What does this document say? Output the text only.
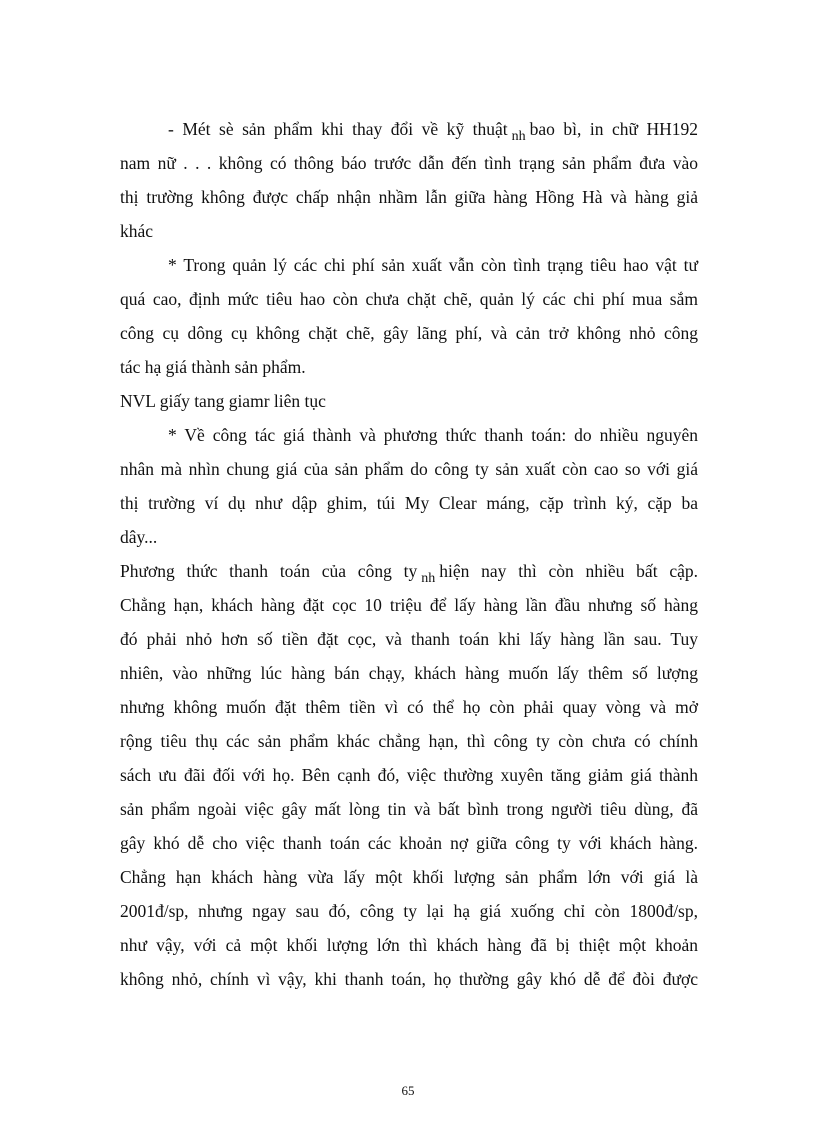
- Mét sè sản phẩm khi thay đổi về kỹ thuật $_{nh}$ bao bì, in chữ HH192
nam nữ . . . không có thông báo trước dẫn đến tình trạng sản phẩm đưa vào
thị trường không được chấp nhận nhầm lẫn giữa hàng Hồng Hà và hàng giả
khác
* Trong quản lý các chi phí sản xuất vẫn còn tình trạng tiêu hao vật tư
quá cao, định mức tiêu hao còn chưa chặt chẽ, quản lý các chi phí mua sắm
công cụ dông cụ không chặt chẽ, gây lãng phí, và cản trở không nhỏ công
tác hạ giá thành sản phẩm.
NVL giấy tang giamr liên tục
* Về công tác giá thành và phương thức thanh toán: do nhiều nguyên
nhân mà nhìn chung giá của sản phẩm do công ty sản xuất còn cao so với giá
thị trường ví dụ như dập ghim, túi My Clear máng, cặp trình ký, cặp ba
dây...
Phương thức thanh toán của công ty $_{nh}$ hiện nay thì còn nhiều bất cập.
Chẳng hạn, khách hàng đặt cọc 10 triệu để lấy hàng lần đầu nhưng số hàng
đó phải nhỏ hơn số tiền đặt cọc, và thanh toán khi lấy hàng lần sau. Tuy
nhiên, vào những lúc hàng bán chạy, khách hàng muốn lấy thêm số lượng
nhưng không muốn đặt thêm tiền vì có thể họ còn phải quay vòng và mở
rộng tiêu thụ các sản phẩm khác chẳng hạn, thì công ty còn chưa có chính
sách ưu đãi đối với họ. Bên cạnh đó, việc thường xuyên tăng giảm giá thành
sản phẩm ngoài việc gây mất lòng tin và bất bình trong người tiêu dùng, đã
gây khó dễ cho việc thanh toán các khoản nợ giữa công ty với khách hàng.
Chẳng hạn khách hàng vừa lấy một khối lượng sản phẩm lớn với giá là
2001đ/sp, nhưng ngay sau đó, công ty lại hạ giá xuống chỉ còn 1800đ/sp,
như vậy, với cả một khối lượng lớn thì khách hàng đã bị thiệt một khoản
không nhỏ, chính vì vậy, khi thanh toán, họ thường gây khó dễ để đòi được
65
